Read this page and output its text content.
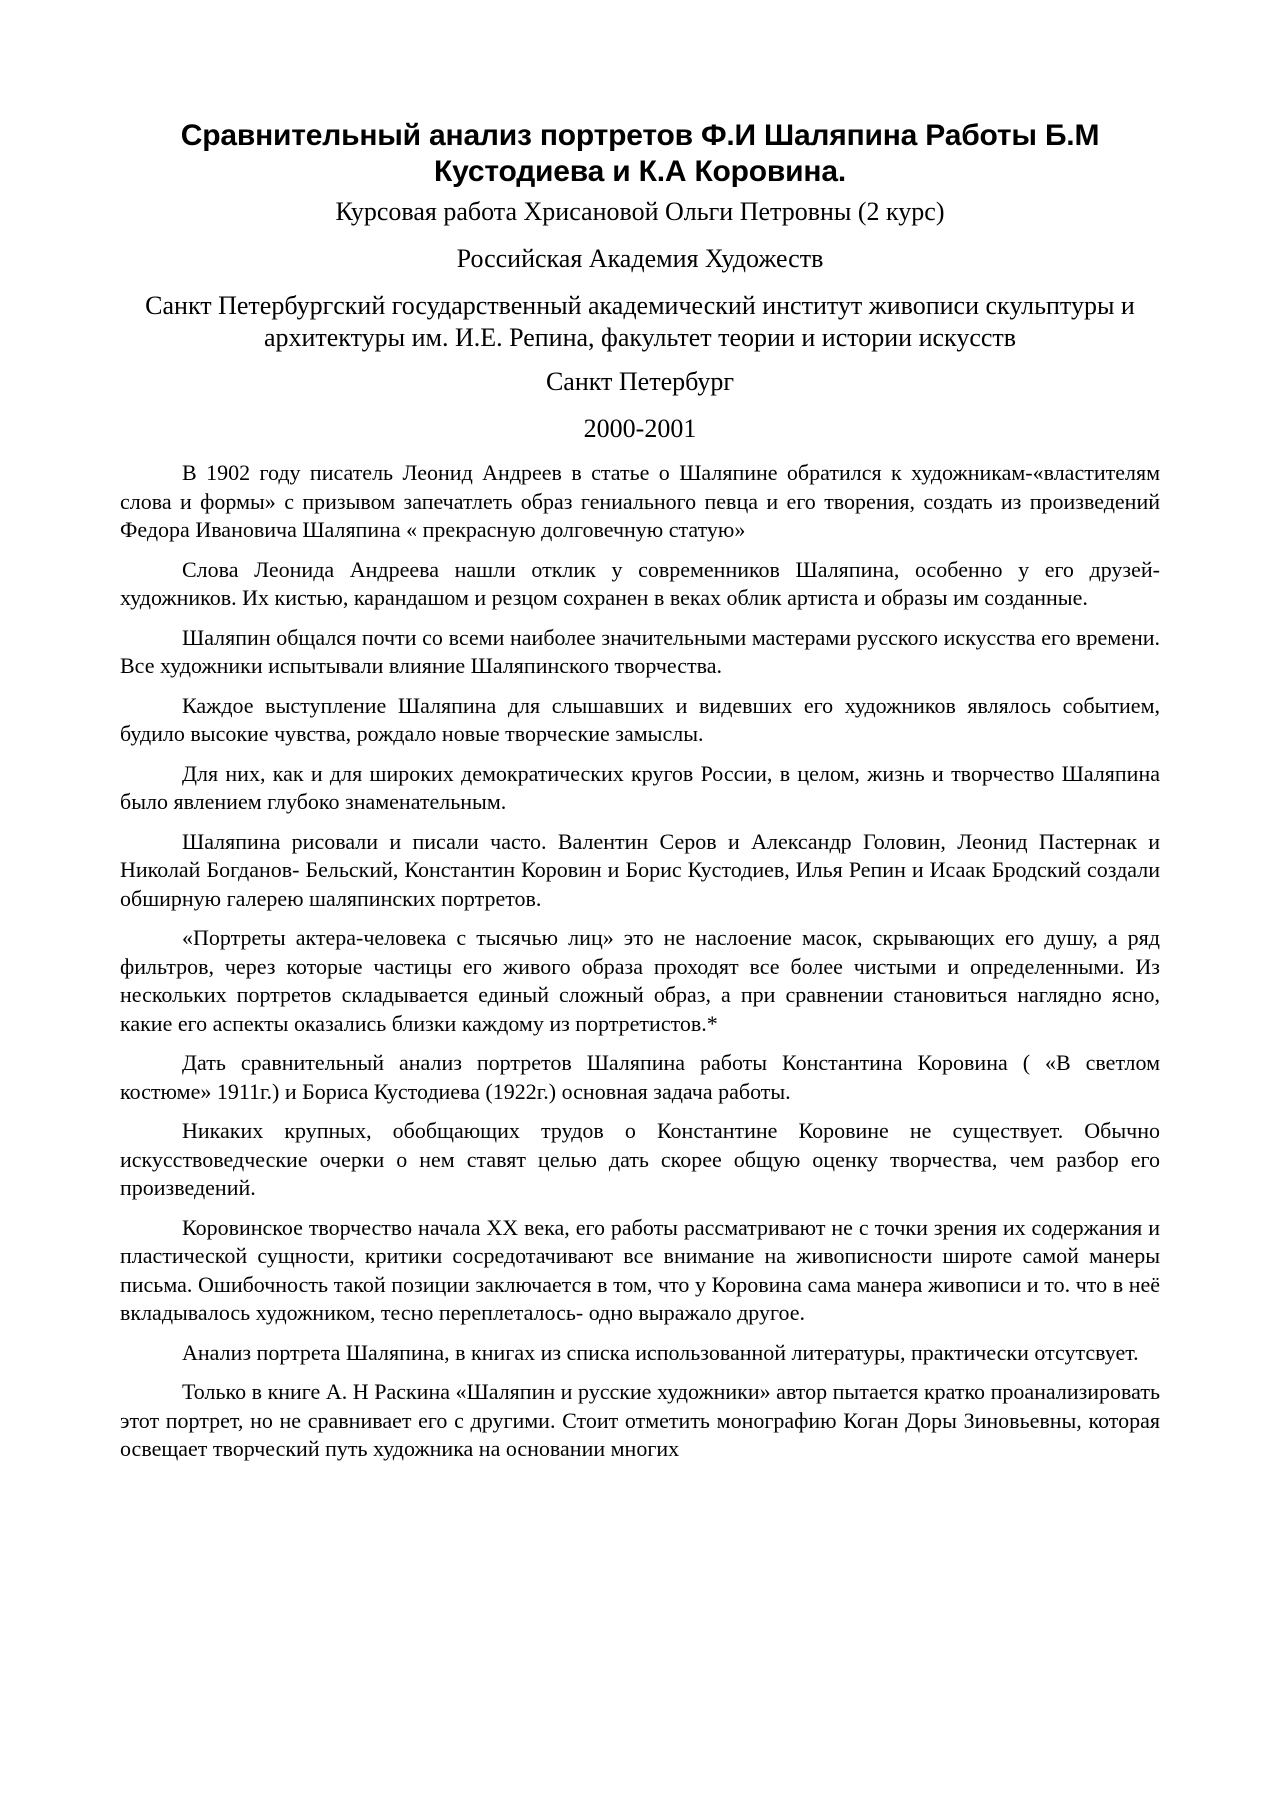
Сравнительный анализ портретов Ф.И Шаляпина Работы Б.М Кустодиева и К.А Коровина.
Курсовая работа Хрисановой Ольги Петровны (2 курс)
Российская Академия Художеств
Санкт Петербургский государственный академический институт живописи скульптуры и архитектуры им. И.Е. Репина, факультет теории и истории искусств
Санкт Петербург
2000-2001

В 1902 году писатель Леонид Андреев в статье о Шаляпине обратился к художникам-«властителям слова и формы» с призывом запечатлеть образ гениального певца и его творения, создать из произведений Федора Ивановича Шаляпина « прекрасную долговечную статую»

Слова Леонида Андреева нашли отклик у современников Шаляпина, особенно у его друзей-художников. Их кистью, карандашом и резцом сохранен в веках облик артиста и образы им созданные.

Шаляпин общался почти со всеми наиболее значительными мастерами русского искусства его времени. Все художники испытывали влияние Шаляпинского творчества.

Каждое выступление Шаляпина для слышавших и видевших его художников являлось событием, будило высокие чувства, рождало новые творческие замыслы.

Для них, как и для широких демократических кругов России, в целом, жизнь и творчество Шаляпина было явлением глубоко знаменательным.

Шаляпина рисовали и писали часто. Валентин Серов и Александр Головин, Леонид Пастернак и Николай Богданов- Бельский, Константин Коровин и Борис Кустодиев, Илья Репин и Исаак Бродский создали обширную галерею шаляпинских портретов.

«Портреты актера-человека с тысячью лиц» это не наслоение масок, скрывающих его душу, а ряд фильтров, через которые частицы его живого образа проходят все более чистыми и определенными. Из нескольких портретов складывается единый сложный образ, а при сравнении становиться наглядно ясно, какие его аспекты оказались близки каждому из портретистов.*

Дать сравнительный анализ портретов Шаляпина работы Константина Коровина ( «В светлом костюме» 1911г.) и Бориса Кустодиева (1922г.) основная задача работы.

Никаких крупных, обобщающих трудов о Константине Коровине не существует. Обычно искусствоведческие очерки о нем ставят целью дать скорее общую оценку творчества, чем разбор его произведений.

Коровинское творчество начала XX века, его работы рассматривают не с точки зрения их содержания и пластической сущности, критики сосредотачивают все внимание на живописности широте самой манеры письма. Ошибочность такой позиции заключается в том, что у Коровина сама манера живописи и то. что в неё вкладывалось художником, тесно переплеталось- одно выражало другое.

Анализ портрета Шаляпина, в книгах из списка использованной литературы, практически отсутсвует.

Только в книге А. Н Раскина «Шаляпин и русские художники» автор пытается кратко проанализировать этот портрет, но не сравнивает его с другими. Стоит отметить монографию Коган Доры Зиновьевны, которая освещает творческий путь художника на основании многих
